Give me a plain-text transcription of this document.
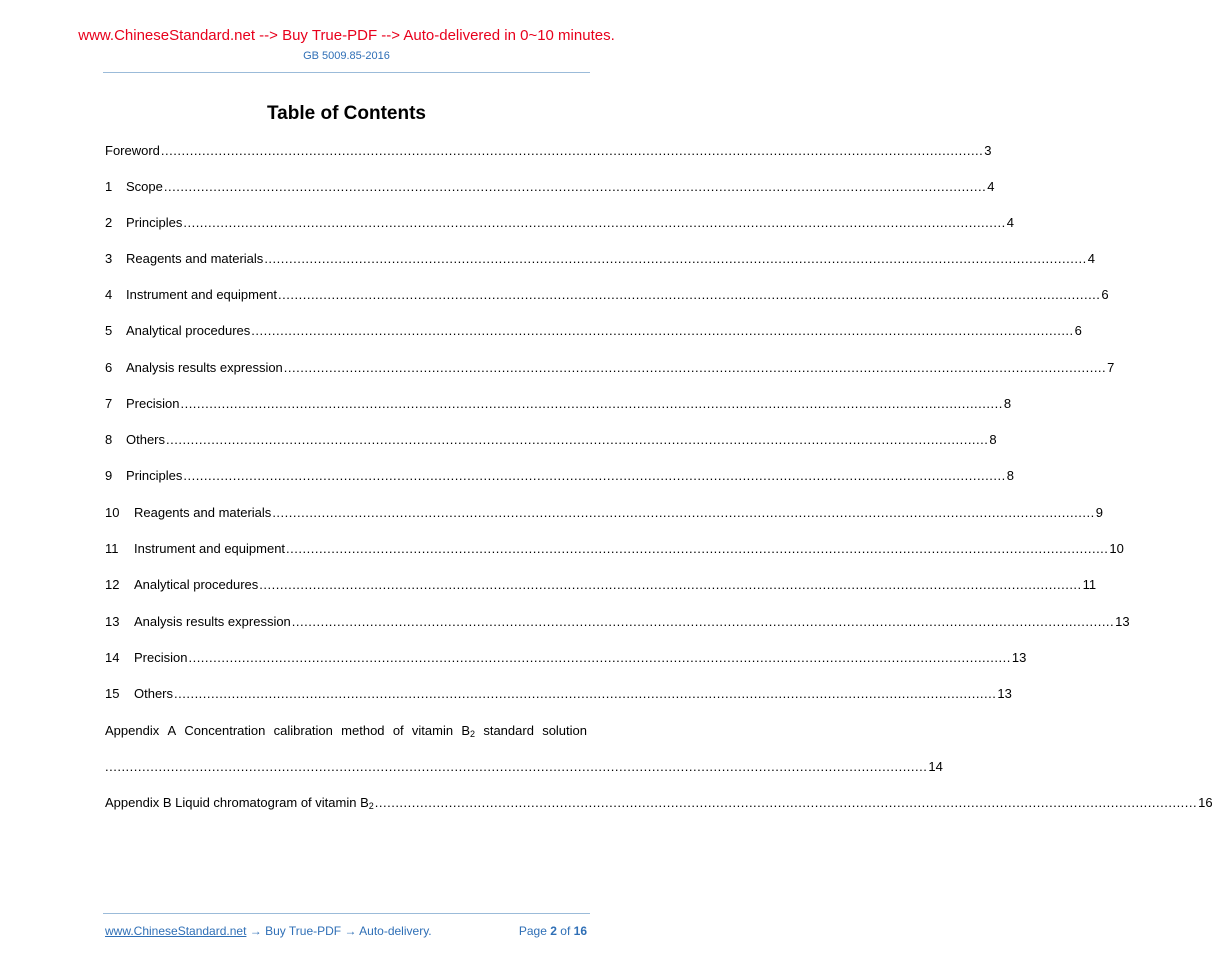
www.ChineseStandard.net --> Buy True-PDF --> Auto-delivered in 0~10 minutes.
GB 5009.85-2016
Table of Contents
Foreword ........................................................................................................................................................................................................ 3
1	Scope ........................................................................................................................................................................................................ 4
2	Principles ........................................................................................................................................................................................................ 4
3	Reagents and materials ........................................................................................................................................................................................................ 4
4	Instrument and equipment ........................................................................................................................................................................................................ 6
5	Analytical procedures ........................................................................................................................................................................................................ 6
6	Analysis results expression ........................................................................................................................................................................................................ 7
7	Precision ........................................................................................................................................................................................................ 8
8	Others ........................................................................................................................................................................................................ 8
9	Principles ........................................................................................................................................................................................................ 8
10	Reagents and materials ........................................................................................................................................................................................................ 9
11	Instrument and equipment ........................................................................................................................................................................................................ 10
12	Analytical procedures ........................................................................................................................................................................................................ 11
13	Analysis results expression ........................................................................................................................................................................................................ 13
14	Precision ........................................................................................................................................................................................................ 13
15	Others ........................................................................................................................................................................................................ 13
Appendix A Concentration calibration method of vitamin $B_2$ standard solution
........................................................................................................................................................................................................ 14
Appendix B Liquid chromatogram of vitamin $B_2$ ........................................................................................................................................................................................................ 16
www.ChineseStandard.net → Buy True-PDF → Auto-delivery.	Page 2 of 16
